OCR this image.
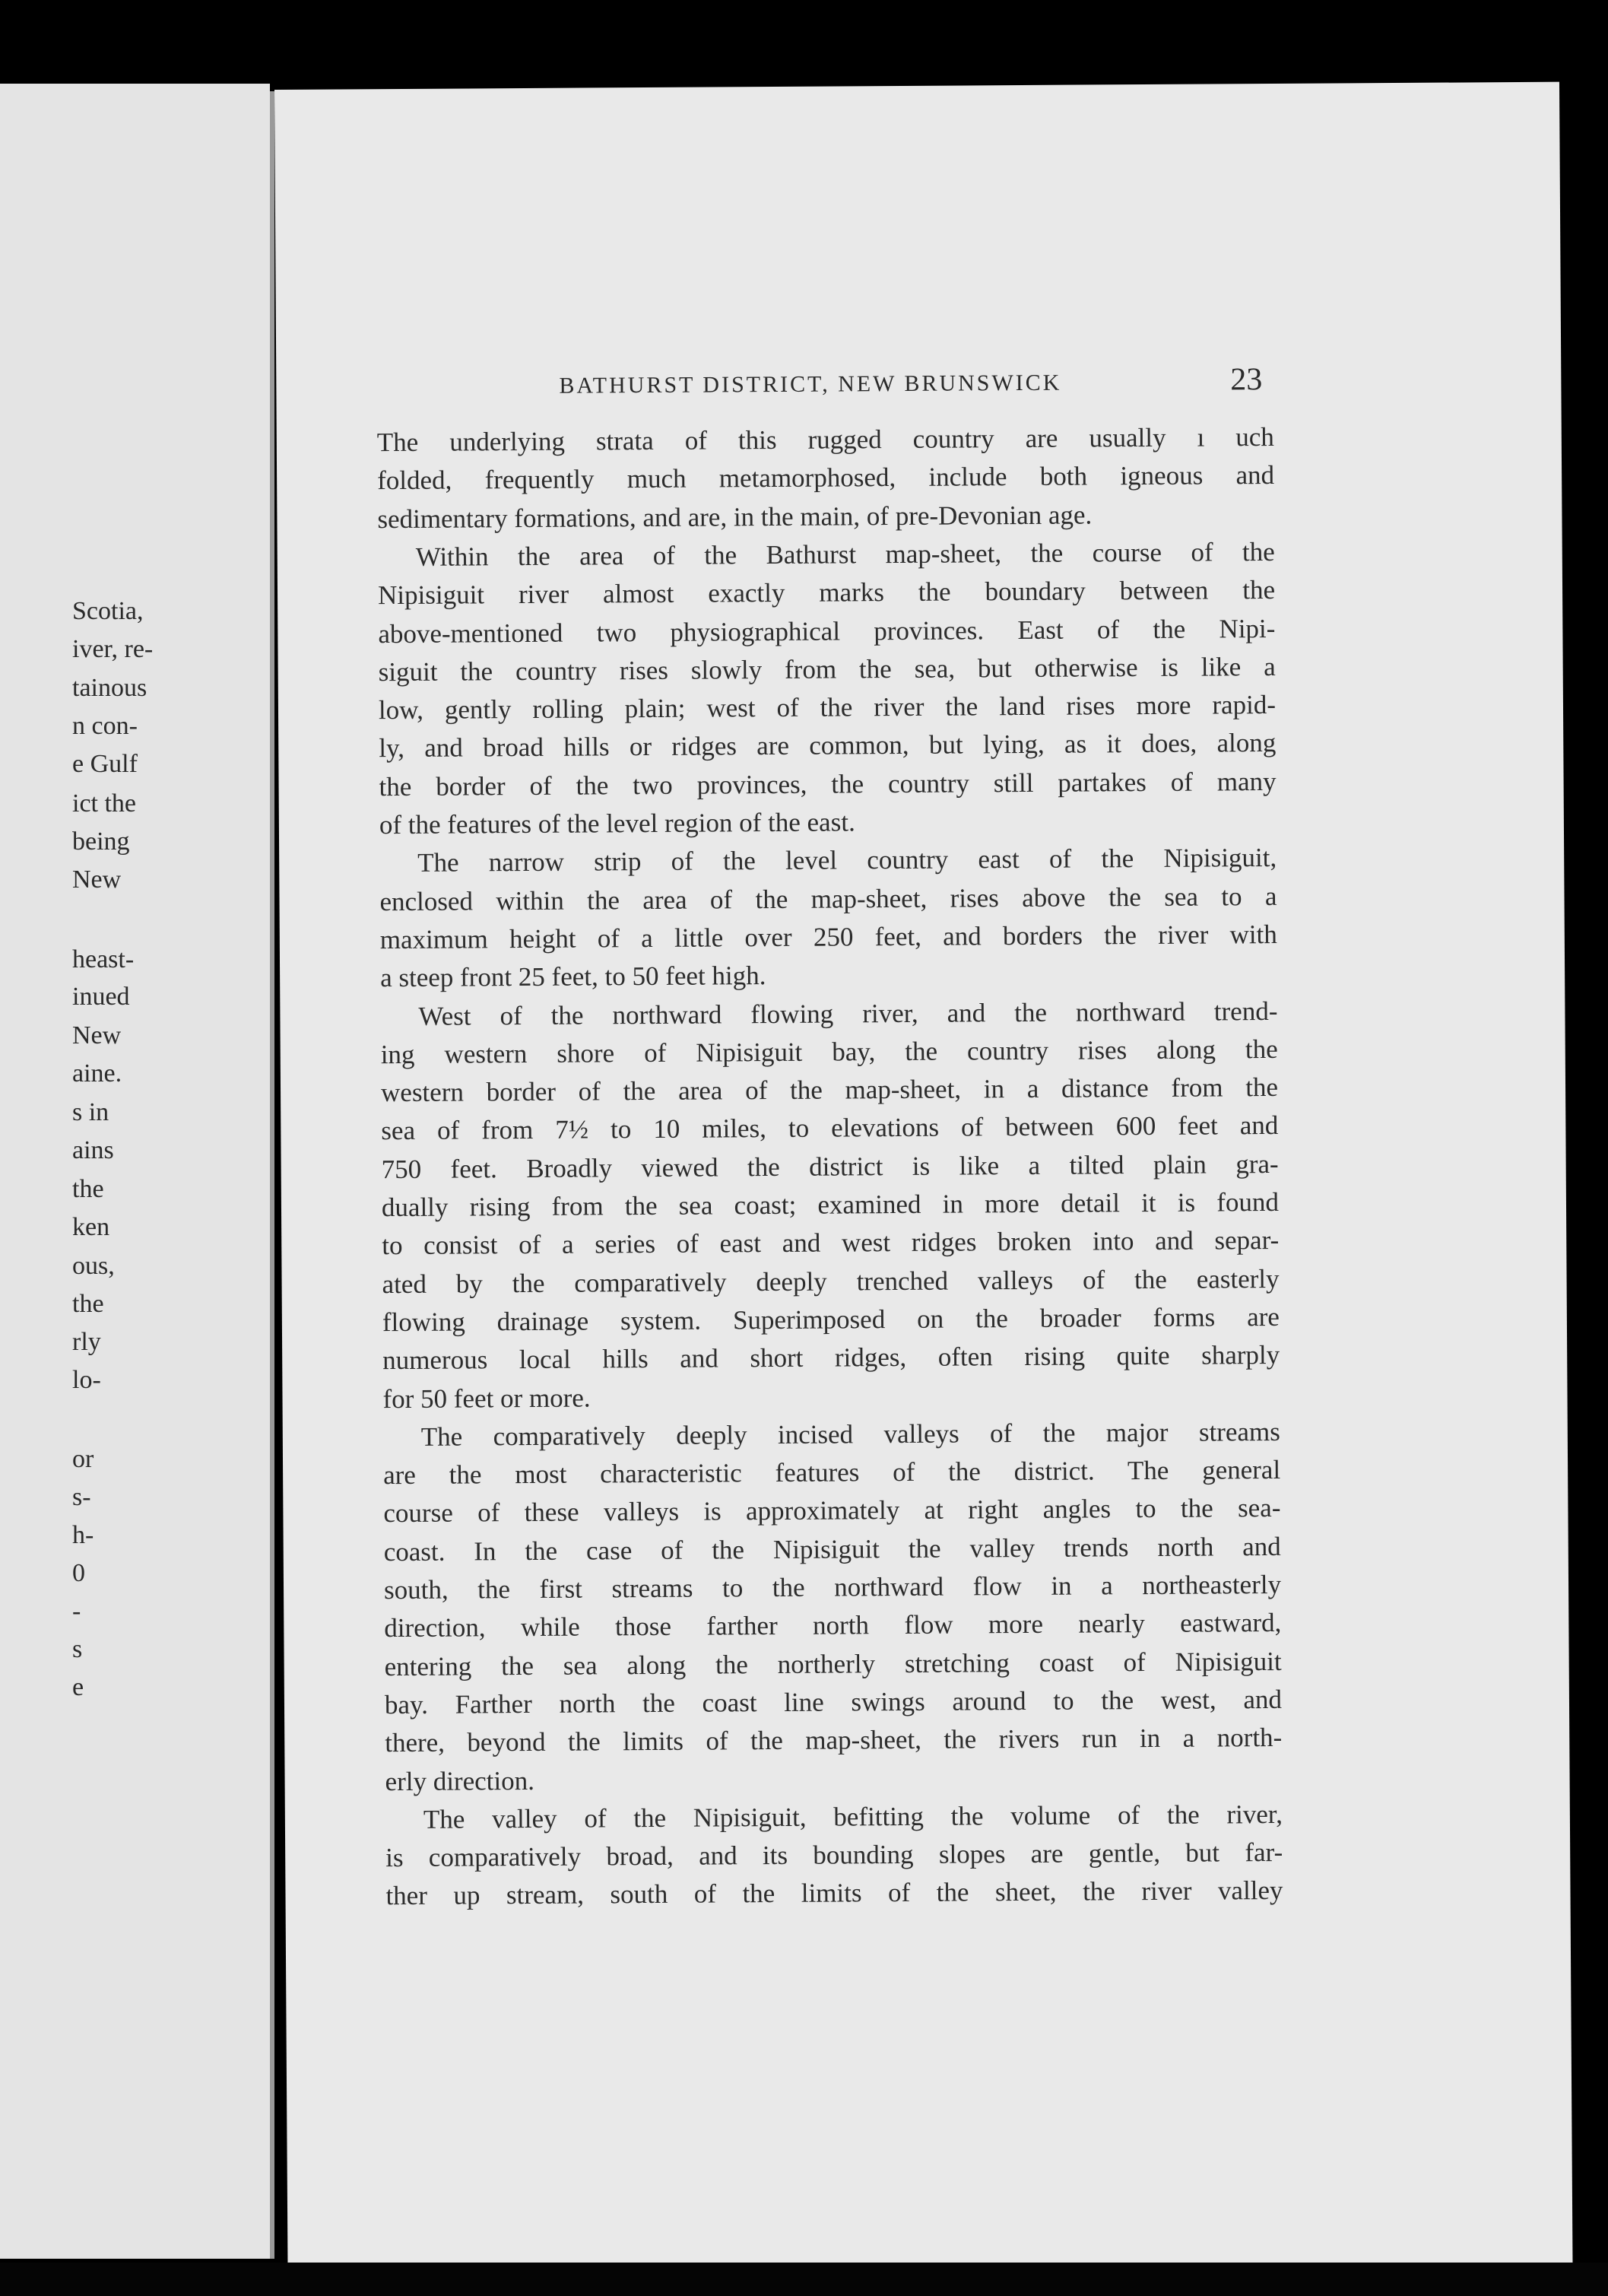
Scotia,
iver, re-
tainous
n con-
e Gulf
ict the
being
New
heast-
inued
New
aine.
s in
ains
the
ken
ous,
the
rly
lo-
or
s-
h-
0
-
s
e
BATHURST DISTRICT, NEW BRUNSWICK	23
The underlying strata of this rugged country are usually ı uch
folded, frequently much metamorphosed, include both igneous and
sedimentary formations, and are, in the main, of pre-Devonian age.
Within the area of the Bathurst map-sheet, the course of the
Nipisiguit river almost exactly marks the boundary between the
above-mentioned two physiographical provinces. East of the Nipi-
siguit the country rises slowly from the sea, but otherwise is like a
low, gently rolling plain; west of the river the land rises more rapid-
ly, and broad hills or ridges are common, but lying, as it does, along
the border of the two provinces, the country still partakes of many
of the features of the level region of the east.
The narrow strip of the level country east of the Nipisiguit,
enclosed within the area of the map-sheet, rises above the sea to a
maximum height of a little over 250 feet, and borders the river with
a steep front 25 feet, to 50 feet high.
West of the northward flowing river, and the northward trend-
ing western shore of Nipisiguit bay, the country rises along the
western border of the area of the map-sheet, in a distance from the
sea of from 7½ to 10 miles, to elevations of between 600 feet and
750 feet. Broadly viewed the district is like a tilted plain gra-
dually rising from the sea coast; examined in more detail it is found
to consist of a series of east and west ridges broken into and separ-
ated by the comparatively deeply trenched valleys of the easterly
flowing drainage system. Superimposed on the broader forms are
numerous local hills and short ridges, often rising quite sharply
for 50 feet or more.
The comparatively deeply incised valleys of the major streams
are the most characteristic features of the district. The general
course of these valleys is approximately at right angles to the sea-
coast. In the case of the Nipisiguit the valley trends north and
south, the first streams to the northward flow in a northeasterly
direction, while those farther north flow more nearly eastward,
entering the sea along the northerly stretching coast of Nipisiguit
bay. Farther north the coast line swings around to the west, and
there, beyond the limits of the map-sheet, the rivers run in a north-
erly direction.
The valley of the Nipisiguit, befitting the volume of the river,
is comparatively broad, and its bounding slopes are gentle, but far-
ther up stream, south of the limits of the sheet, the river valley
